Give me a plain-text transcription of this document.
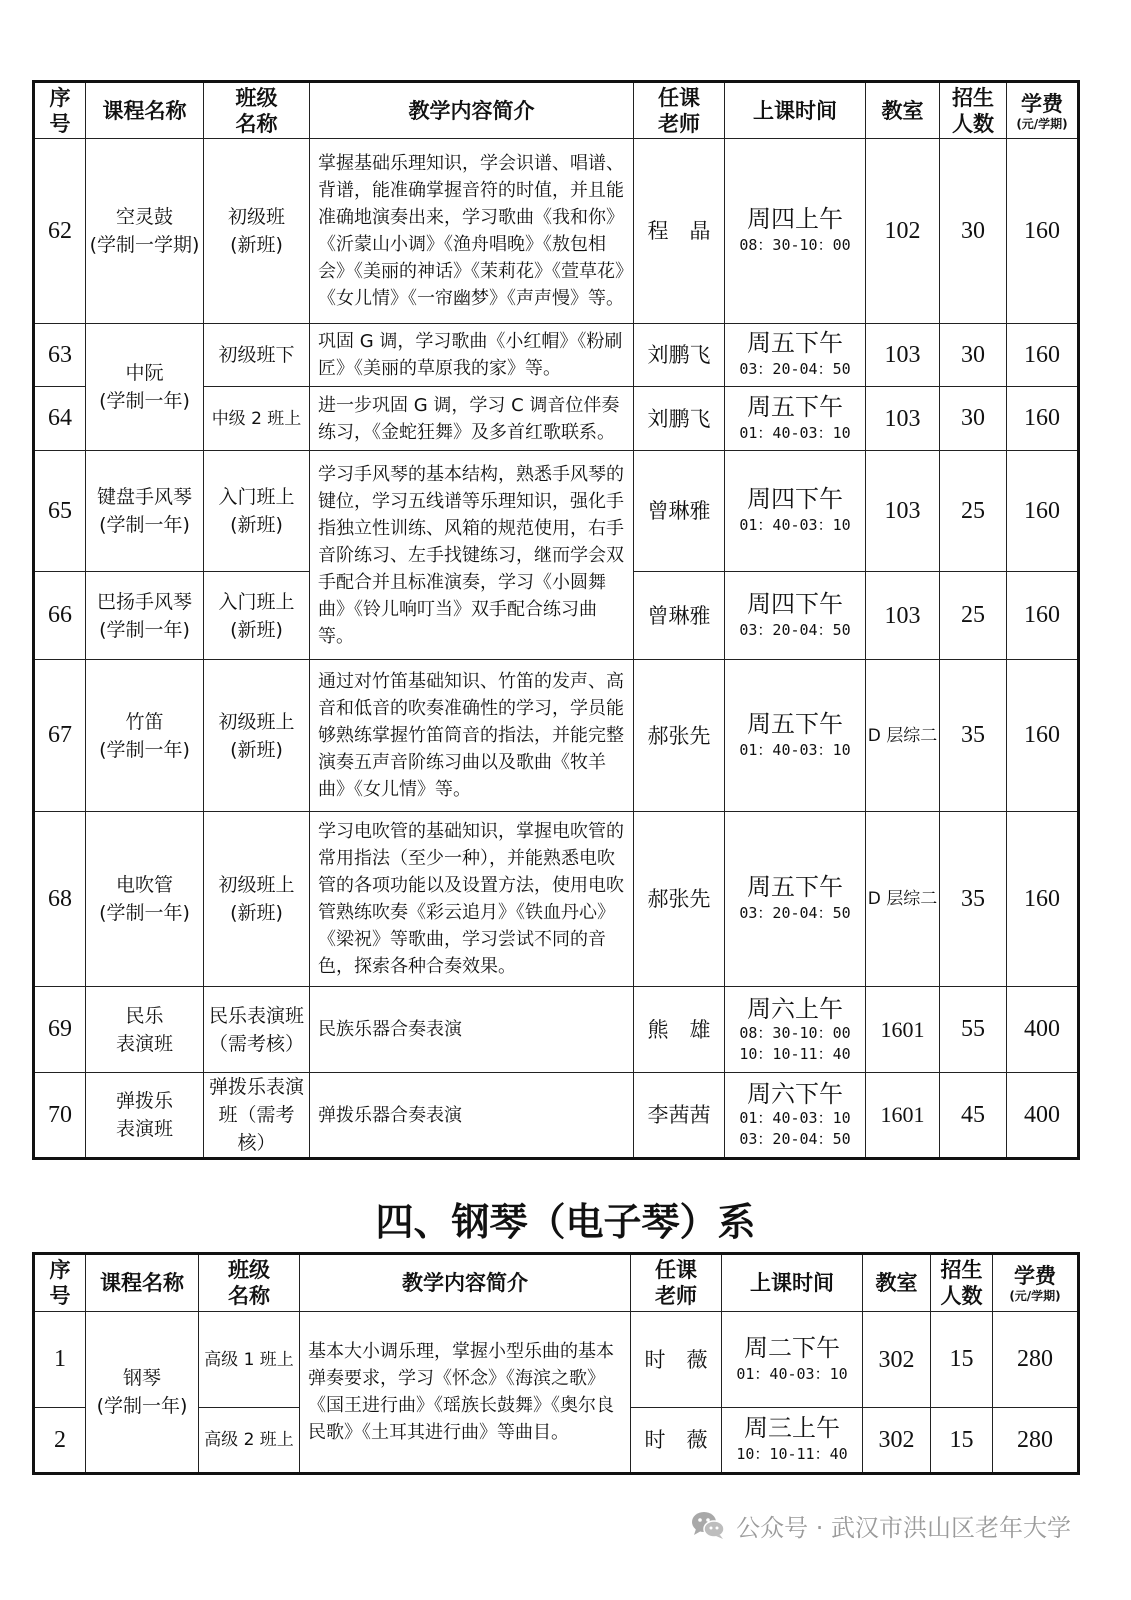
序
号	课程名称	班级
名称	教学内容简介	任课
老师	上课时间	教室	招生
人数	学费
(元/学期)

62	空灵鼓
(学制一学期)	初级班
(新班)	掌握基础乐理知识，学会识谱、唱谱、背谱，能准确掌握音符的时值，并且能准确地演奏出来，学习歌曲《我和你》《沂蒙山小调》《渔舟唱晚》《敖包相会》《美丽的神话》《茉莉花》《萱草花》《女儿情》《一帘幽梦》《声声慢》等。	程　晶	周四上午
08：30-10：00	102	30	160
63	中阮
(学制一年)	初级班下	巩固 G 调，学习歌曲《小红帽》《粉刷匠》《美丽的草原我的家》等。	刘鹏飞	周五下午
03：20-04：50	103	30	160
64		中级 2 班上	进一步巩固 G 调，学习 C 调音位伴奏练习，《金蛇狂舞》及多首红歌联系。	刘鹏飞	周五下午
01：40-03：10	103	30	160
65	键盘手风琴
(学制一年)	入门班上
(新班)	学习手风琴的基本结构，熟悉手风琴的键位，学习五线谱等乐理知识，强化手指独立性训练、风箱的规范使用，右手音阶练习、左手找键练习，继而学会双手配合并且标准演奏，学习《小圆舞曲》《铃儿响叮当》双手配合练习曲等。	曾琳雅	周四下午
01：40-03：10	103	25	160
66	巴扬手风琴
(学制一年)	入门班上
(新班)		曾琳雅	周四下午
03：20-04：50	103	25	160
67	竹笛
(学制一年)	初级班上
(新班)	通过对竹笛基础知识、竹笛的发声、高音和低音的吹奏准确性的学习，学员能够熟练掌握竹笛筒音的指法，并能完整演奏五声音阶练习曲以及歌曲《牧羊曲》《女儿情》等。	郝张先	周五下午
01：40-03：10	D 层综二	35	160
68	电吹管
(学制一年)	初级班上
(新班)	学习电吹管的基础知识，掌握电吹管的常用指法（至少一种），并能熟悉电吹管的各项功能以及设置方法，使用电吹管熟练吹奏《彩云追月》《铁血丹心》《梁祝》等歌曲，学习尝试不同的音色，探索各种合奏效果。	郝张先	周五下午
03：20-04：50	D 层综二	35	160
69	民乐
表演班	民乐表演班（需考核）	民族乐器合奏表演	熊　雄	周六上午
08：30-10：00
10：10-11：40	1601	55	400
70	弹拨乐
表演班	弹拨乐表演班（需考核）	弹拨乐器合奏表演	李茜茜	周六下午
01：40-03：10
03：20-04：50	1601	45	400
四、钢琴（电子琴）系
序
号	课程名称	班级
名称	教学内容简介	任课
老师	上课时间	教室	招生
人数	学费
(元/学期)

1	钢琴
(学制一年)	高级 1 班上	基本大小调乐理，掌握小型乐曲的基本弹奏要求，学习《怀念》《海滨之歌》《国王进行曲》《瑶族长鼓舞》《奥尔良民歌》《土耳其进行曲》等曲目。	时　薇	周二下午
01：40-03：10	302	15	280
2		高级 2 班上		时　薇	周三上午
10：10-11：40	302	15	280
公众号 · 武汉市洪山区老年大学
